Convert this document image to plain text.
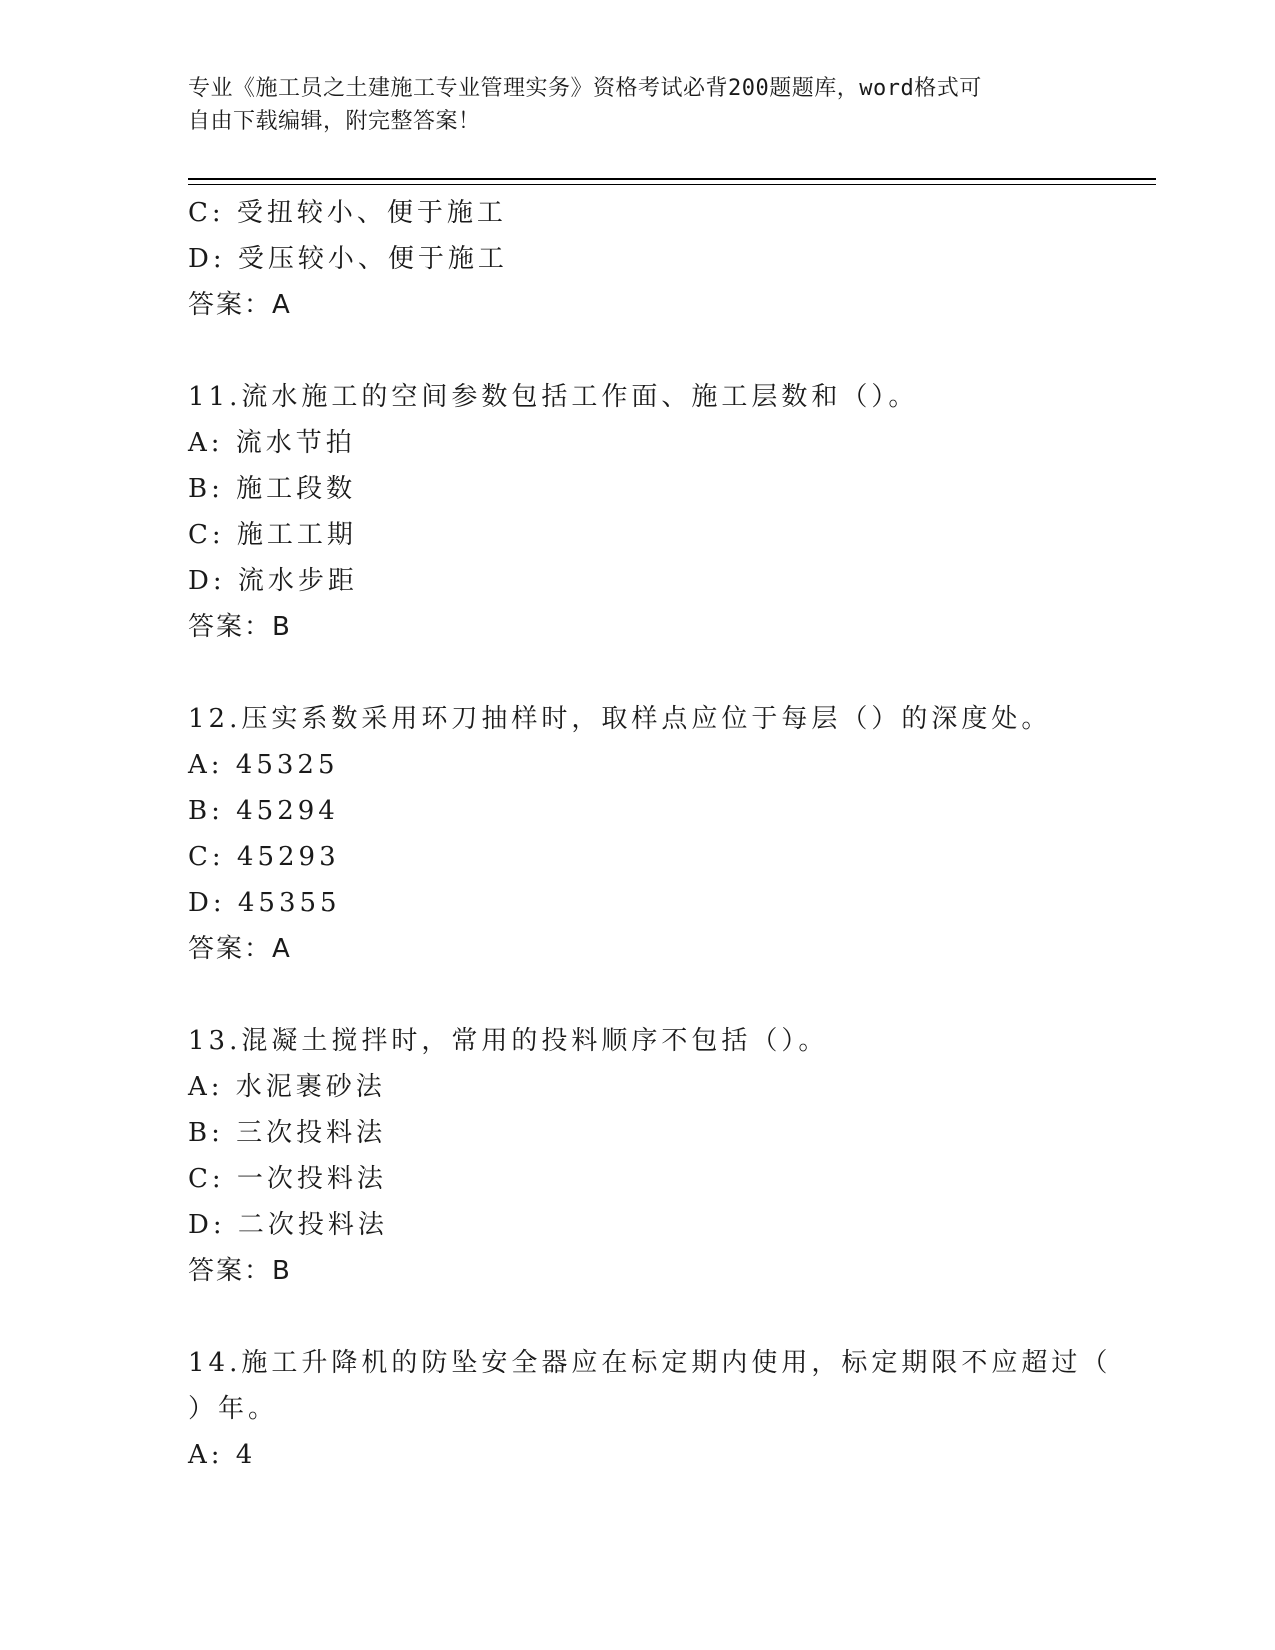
专业《施工员之土建施工专业管理实务》资格考试必背200题题库，word格式可
自由下载编辑，附完整答案！
C: 受扭较小、便于施工
D: 受压较小、便于施工
答案：A
11.流水施工的空间参数包括工作面、施工层数和（）。
A: 流水节拍
B: 施工段数
C: 施工工期
D: 流水步距
答案：B
12.压实系数采用环刀抽样时，取样点应位于每层（）的深度处。
A: 45325
B: 45294
C: 45293
D: 45355
答案：A
13.混凝土搅拌时，常用的投料顺序不包括（）。
A: 水泥裹砂法
B: 三次投料法
C: 一次投料法
D: 二次投料法
答案：B
14.施工升降机的防坠安全器应在标定期内使用，标定期限不应超过（
）年。
A: 4
